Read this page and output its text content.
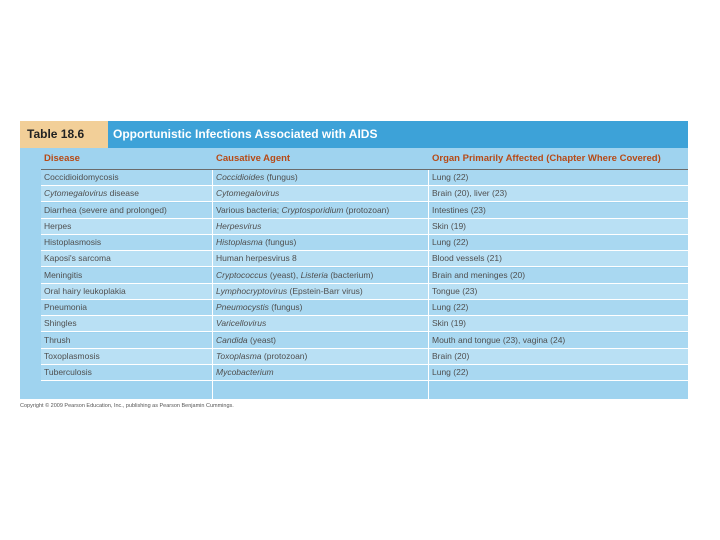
Table 18.6	Opportunistic Infections Associated with AIDS
Disease	Causative Agent	Organ Primarily Affected (Chapter Where Covered)
Coccidioidomycosis	Coccidioides (fungus)	Lung (22)
Cytomegalovirus disease	Cytomegalovirus	Brain (20), liver (23)
Diarrhea (severe and prolonged)	Various bacteria; Cryptosporidium (protozoan)	Intestines (23)
Herpes	Herpesvirus	Skin (19)
Histoplasmosis	Histoplasma (fungus)	Lung (22)
Kaposi's sarcoma	Human herpesvirus 8	Blood vessels (21)
Meningitis	Cryptococcus (yeast), Listeria (bacterium)	Brain and meninges (20)
Oral hairy leukoplakia	Lymphocryptovirus (Epstein-Barr virus)	Tongue (23)
Pneumonia	Pneumocystis (fungus)	Lung (22)
Shingles	Varicellovirus	Skin (19)
Thrush	Candida (yeast)	Mouth and tongue (23), vagina (24)
Toxoplasmosis	Toxoplasma (protozoan)	Brain (20)
Tuberculosis	Mycobacterium	Lung (22)
Copyright © 2009 Pearson Education, Inc., publishing as Pearson Benjamin Cummings.
